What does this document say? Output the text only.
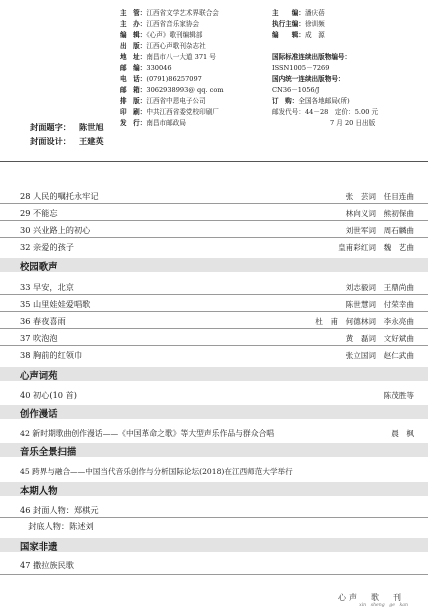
主　管：江西省文学艺术界联合会
主　办：江西省音乐家协会
编　辑：《心声》歌刊编辑部
出　版：江西心声歌刊杂志社
地　址：南昌市八一大道 371 号
邮　编：330046
电　话：(0791)86257097
邮　箱：3062938993@ qq. com
排　版：江西省中恩电子公司
印　刷：中共江西省委党校印刷厂
发　行：南昌市邮政局
主　　编：潘庆蓓
执行主编：徐训频
编　　辑：成　源
国际标准连续出版物编号：
ISSN1005－7269
国内统一连续出版物号：
CN36－1056/J
订　购：全国各地邮局(所)
邮发代号：44－28　定价：5.00 元
7 月 20 日出版
封面题字： 陈世旭
封面设计： 王建英
28 人民的嘱托永牢记	张　芸词　任目连曲
29 不能忘	林向义词　熊初保曲
30 兴业路上的初心	刘世军词　周石麟曲
32 亲爱的孩子	皇甫彩红词　魏　艺曲
校园歌声
33 早安，北京	刘志毅词　王鼎尚曲
35 山里娃娃爱唱歌	陈世慧词　付荣幸曲
36 春夜喜雨	杜　甫　何德林词　李永亮曲
37 吹泡泡	黄　磊词　文好斌曲
38 胸前的红领巾	张立国词　赵仁武曲
心声词苑
40 初心(10 首)	陈茂胜等
创作漫话
42 新时期歌曲创作漫话——《中国革命之歌》等大型声乐作品与群众合唱	晨　枫
音乐全景扫描
45 跨界与融合——中国当代音乐创作与分析国际论坛(2018)在江西师范大学举行
本期人物
46 封面人物：郑棋元
　封底人物：陈述刘
国家非遗
47 撒拉族民歌
心声　歌　刊
xin　sheng　ge　kan
